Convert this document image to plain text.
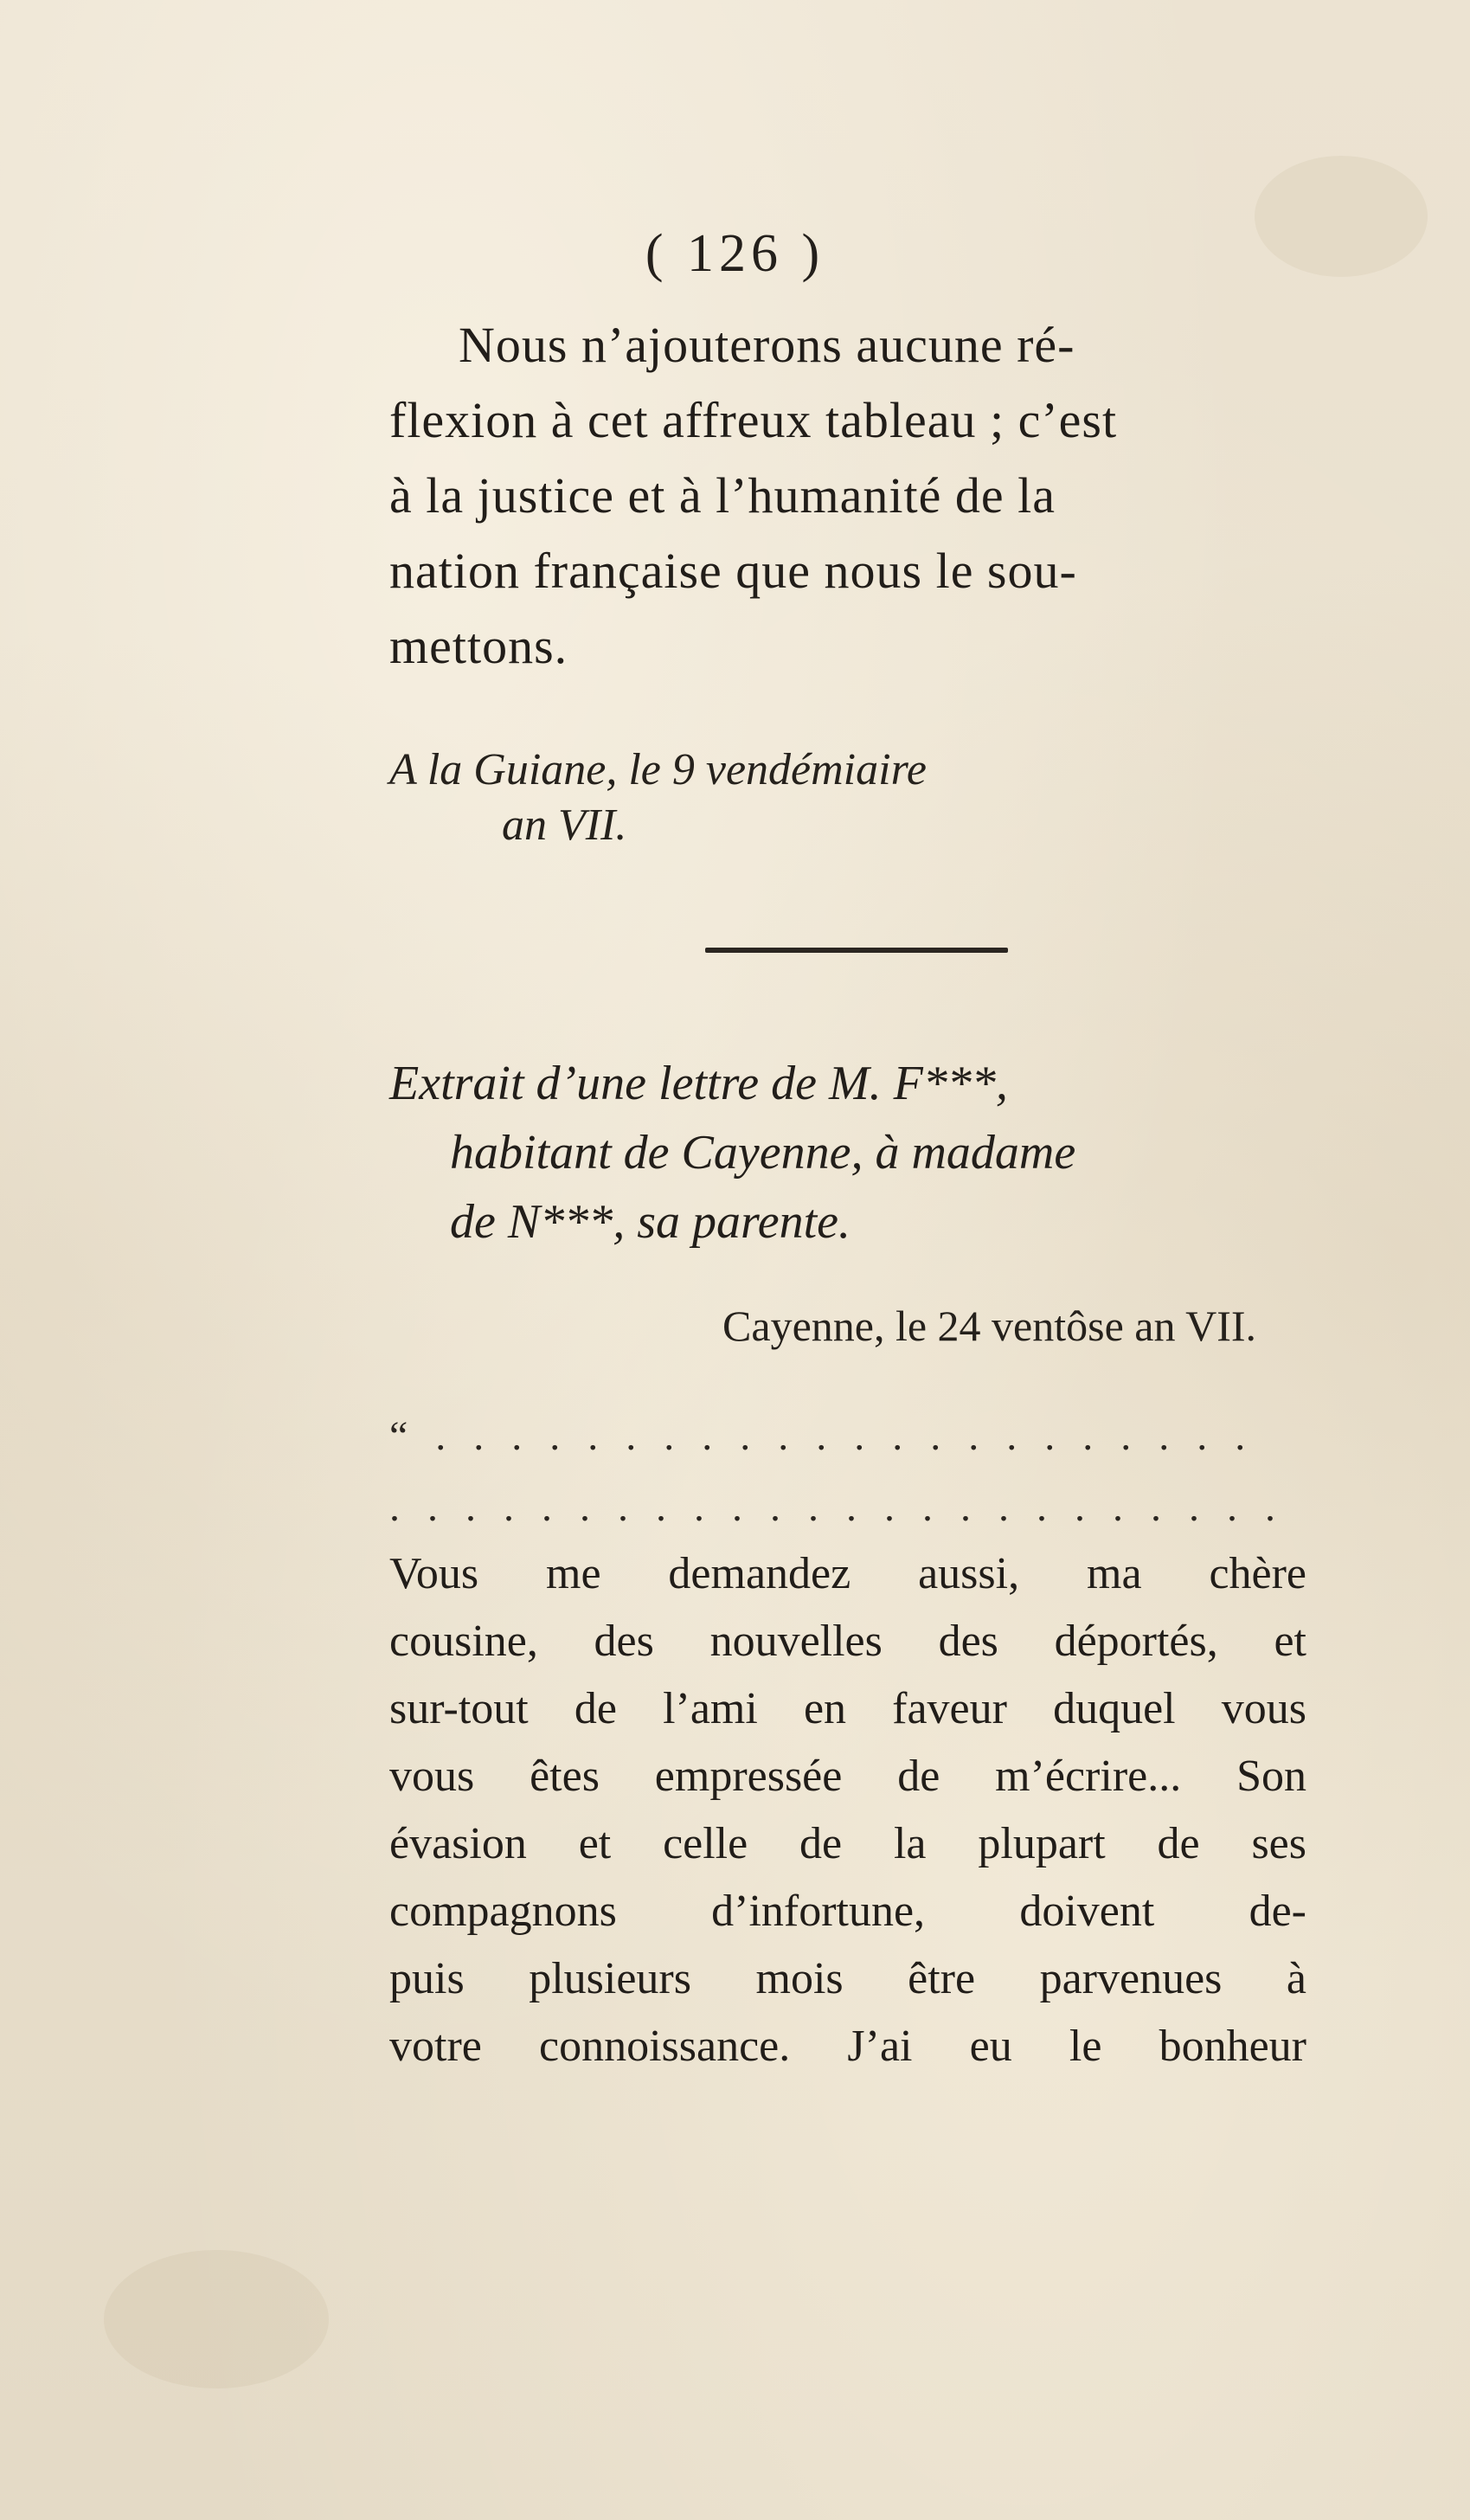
( 126 )
Nous n’ajouterons aucune ré-
flexion à cet affreux tableau ; c’est
à la justice et à l’humanité de la
nation française que nous le sou-
mettons.
A la Guiane, le 9 vendémiaire
an VII.
Extrait d’une lettre de M. F***,
habitant de Cayenne, à madame
de N***, sa parente.
Cayenne, le 24 ventôse an VII.
“ . . . . . . . . . . . . . . . . . . . . . .
. . . . . . . . . . . . . . . . . . . . . . . .
Vous me demandez aussi, ma chère
cousine, des nouvelles des déportés, et
sur-tout de l’ami en faveur duquel vous
vous êtes empressée de m’écrire... Son
évasion et celle de la plupart de ses
compagnons d’infortune, doivent de-
puis plusieurs mois être parvenues à
votre connoissance. J’ai eu le bonheur
